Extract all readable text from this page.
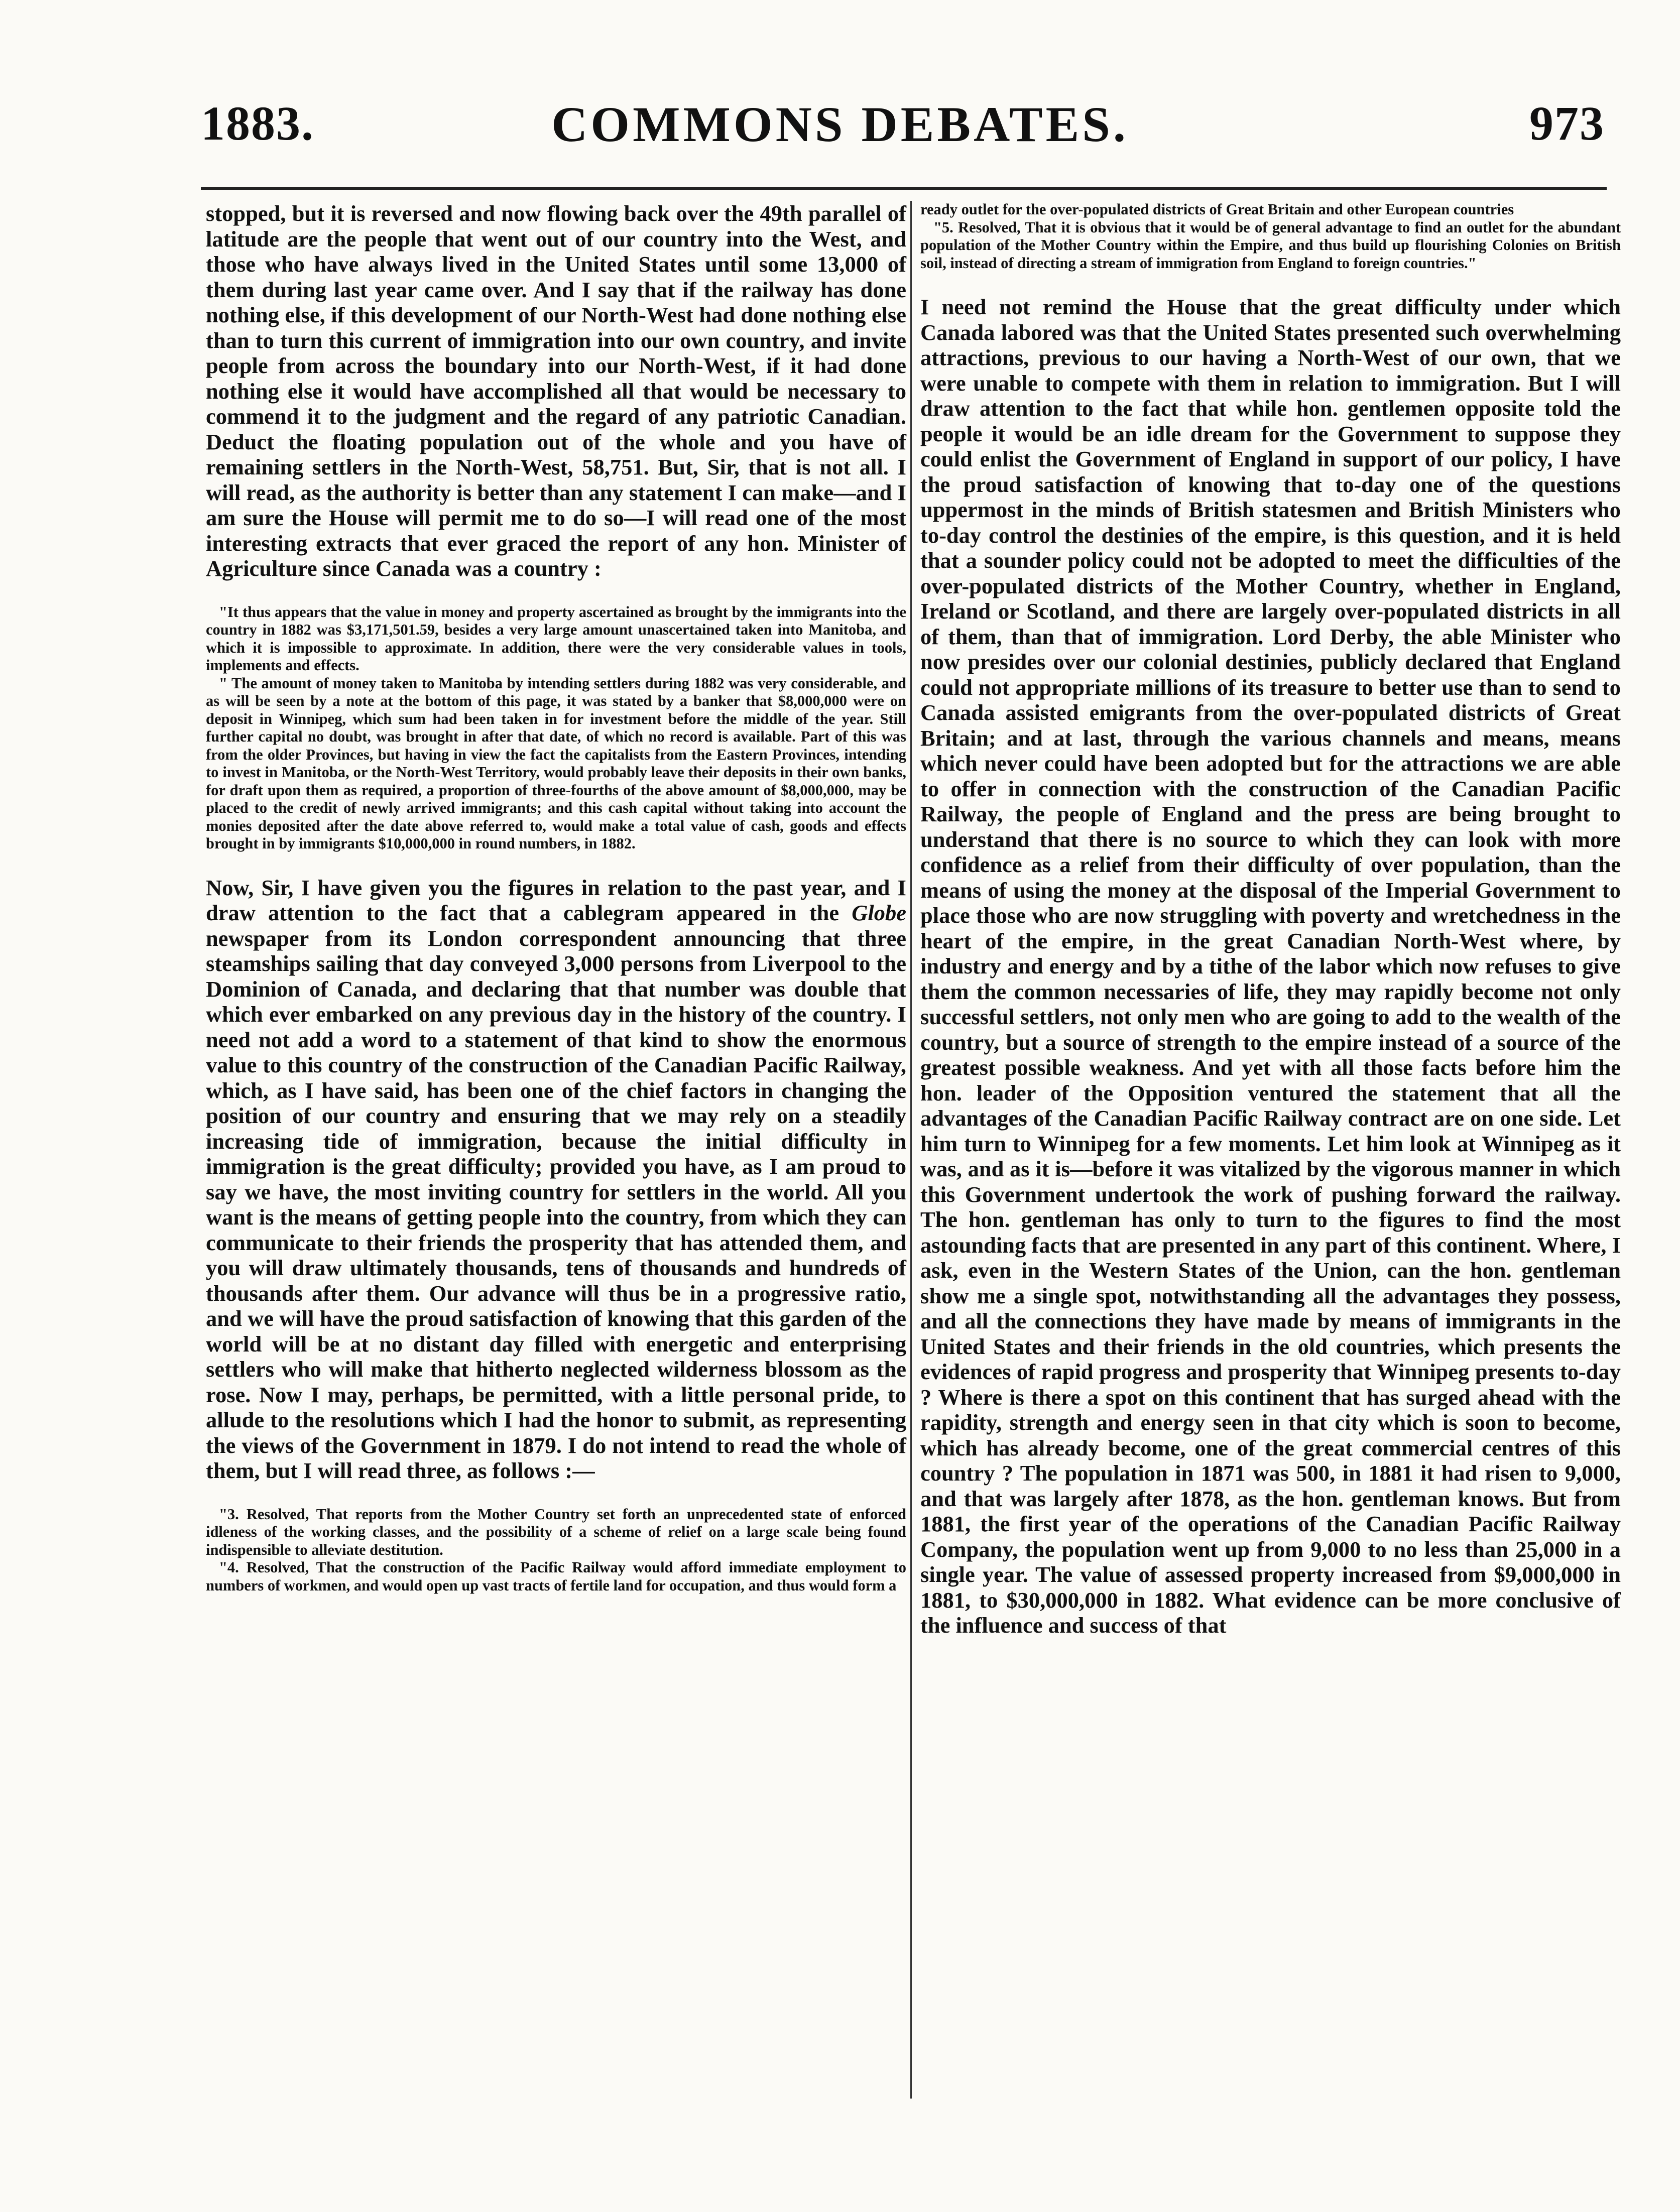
1883.	COMMONS DEBATES.	973

stopped, but it is reversed and now flowing back over the 49th parallel of latitude are the people that went out of our country into the West, and those who have always lived in the United States until some 13,000 of them during last year came over. And I say that if the railway has done nothing else, if this development of our North-West had done nothing else than to turn this current of immigration into our own country, and invite people from across the boundary into our North-West, if it had done nothing else it would have accomplished all that would be necessary to commend it to the judgment and the regard of any patriotic Canadian. Deduct the floating population out of the whole and you have of remaining settlers in the North-West, 58,751. But, Sir, that is not all. I will read, as the authority is better than any statement I can make—and I am sure the House will permit me to do so—I will read one of the most interesting extracts that ever graced the report of any hon. Minister of Agriculture since Canada was a country :

"It thus appears that the value in money and property ascertained as brought by the immigrants into the country in 1882 was $3,171,501.59, besides a very large amount unascertained taken into Manitoba, and which it is impossible to approximate. In addition, there were the very considerable values in tools, implements and effects.

" The amount of money taken to Manitoba by intending settlers during 1882 was very considerable, and as will be seen by a note at the bottom of this page, it was stated by a banker that $8,000,000 were on deposit in Winnipeg, which sum had been taken in for investment before the middle of the year. Still further capital no doubt, was brought in after that date, of which no record is available. Part of this was from the older Provinces, but having in view the fact the capitalists from the Eastern Provinces, intending to invest in Manitoba, or the North-West Territory, would probably leave their deposits in their own banks, for draft upon them as required, a proportion of three-fourths of the above amount of $8,000,000, may be placed to the credit of newly arrived immigrants; and this cash capital without taking into account the monies deposited after the date above referred to, would make a total value of cash, goods and effects brought in by immigrants $10,000,000 in round numbers, in 1882.

Now, Sir, I have given you the figures in relation to the past year, and I draw attention to the fact that a cablegram appeared in the Globe newspaper from its London correspondent announcing that three steamships sailing that day conveyed 3,000 persons from Liverpool to the Dominion of Canada, and declaring that that number was double that which ever embarked on any previous day in the history of the country. I need not add a word to a statement of that kind to show the enormous value to this country of the construction of the Canadian Pacific Railway, which, as I have said, has been one of the chief factors in changing the position of our country and ensuring that we may rely on a steadily increasing tide of immigration, because the initial difficulty in immigration is the great difficulty; provided you have, as I am proud to say we have, the most inviting country for settlers in the world. All you want is the means of getting people into the country, from which they can communicate to their friends the prosperity that has attended them, and you will draw ultimately thousands, tens of thousands and hundreds of thousands after them. Our advance will thus be in a progressive ratio, and we will have the proud satisfaction of knowing that this garden of the world will be at no distant day filled with energetic and enterprising settlers who will make that hitherto neglected wilderness blossom as the rose. Now I may, perhaps, be permitted, with a little personal pride, to allude to the resolutions which I had the honor to submit, as representing the views of the Government in 1879. I do not intend to read the whole of them, but I will read three, as follows :—

"3. Resolved, That reports from the Mother Country set forth an unprecedented state of enforced idleness of the working classes, and the possibility of a scheme of relief on a large scale being found indispensible to alleviate destitution.

"4. Resolved, That the construction of the Pacific Railway would afford immediate employment to numbers of workmen, and would open up vast tracts of fertile land for occupation, and thus would form a

ready outlet for the over-populated districts of Great Britain and other European countries

"5. Resolved, That it is obvious that it would be of general advantage to find an outlet for the abundant population of the Mother Country within the Empire, and thus build up flourishing Colonies on British soil, instead of directing a stream of immigration from England to foreign countries."

I need not remind the House that the great difficulty under which Canada labored was that the United States presented such overwhelming attractions, previous to our having a North-West of our own, that we were unable to compete with them in relation to immigration. But I will draw attention to the fact that while hon. gentlemen opposite told the people it would be an idle dream for the Government to suppose they could enlist the Government of England in support of our policy, I have the proud satisfaction of knowing that to-day one of the questions uppermost in the minds of British statesmen and British Ministers who to-day control the destinies of the empire, is this question, and it is held that a sounder policy could not be adopted to meet the difficulties of the over-populated districts of the Mother Country, whether in England, Ireland or Scotland, and there are largely over-populated districts in all of them, than that of immigration. Lord Derby, the able Minister who now presides over our colonial destinies, publicly declared that England could not appropriate millions of its treasure to better use than to send to Canada assisted emigrants from the over-populated districts of Great Britain; and at last, through the various channels and means, means which never could have been adopted but for the attractions we are able to offer in connection with the construction of the Canadian Pacific Railway, the people of England and the press are being brought to understand that there is no source to which they can look with more confidence as a relief from their difficulty of over population, than the means of using the money at the disposal of the Imperial Government to place those who are now struggling with poverty and wretchedness in the heart of the empire, in the great Canadian North-West where, by industry and energy and by a tithe of the labor which now refuses to give them the common necessaries of life, they may rapidly become not only successful settlers, not only men who are going to add to the wealth of the country, but a source of strength to the empire instead of a source of the greatest possible weakness. And yet with all those facts before him the hon. leader of the Opposition ventured the statement that all the advantages of the Canadian Pacific Railway contract are on one side. Let him turn to Winnipeg for a few moments. Let him look at Winnipeg as it was, and as it is—before it was vitalized by the vigorous manner in which this Government undertook the work of pushing forward the railway. The hon. gentleman has only to turn to the figures to find the most astounding facts that are presented in any part of this continent. Where, I ask, even in the Western States of the Union, can the hon. gentleman show me a single spot, notwithstanding all the advantages they possess, and all the connections they have made by means of immigrants in the United States and their friends in the old countries, which presents the evidences of rapid progress and prosperity that Winnipeg presents to-day ? Where is there a spot on this continent that has surged ahead with the rapidity, strength and energy seen in that city which is soon to become, which has already become, one of the great commercial centres of this country ? The population in 1871 was 500, in 1881 it had risen to 9,000, and that was largely after 1878, as the hon. gentleman knows. But from 1881, the first year of the operations of the Canadian Pacific Railway Company, the population went up from 9,000 to no less than 25,000 in a single year. The value of assessed property increased from $9,000,000 in 1881, to $30,000,000 in 1882. What evidence can be more conclusive of the influence and success of that
